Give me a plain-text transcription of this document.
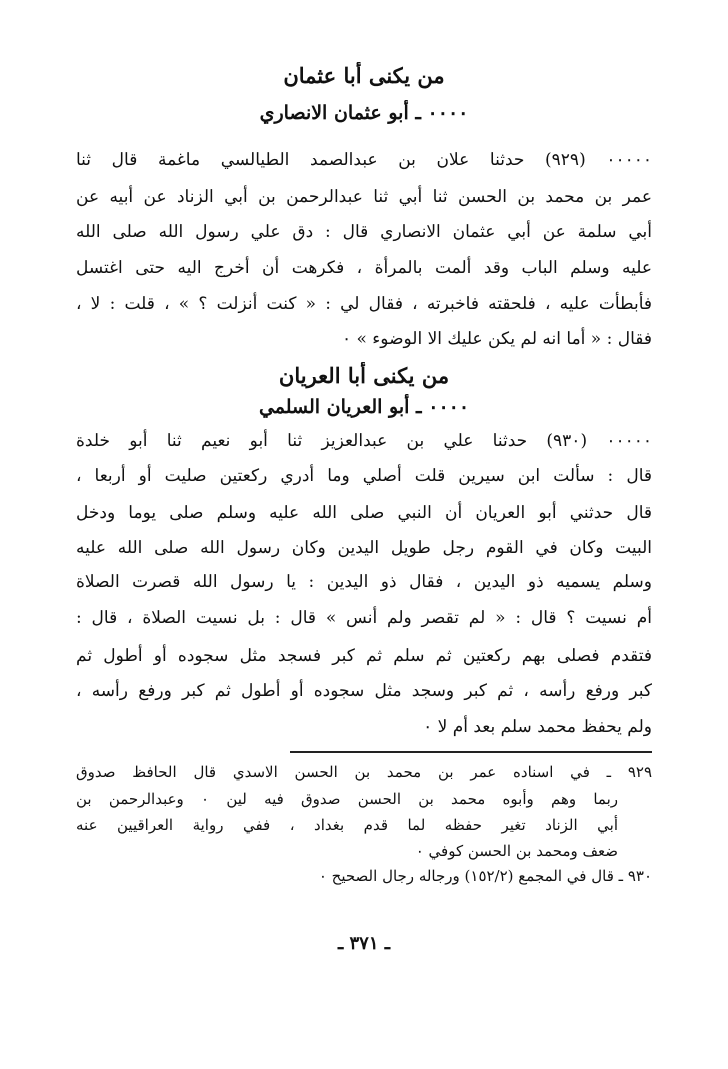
من يكنى أبا عثمان
٠٠٠٠ ـ أبو عثمان الانصاري
٠٠٠٠٠ (٩٢٩) حدثنا علان بن عبدالصمد الطيالسي ماغمة قال ثنا
عمر بن محمد بن الحسن ثنا أبي ثنا عبدالرحمن بن أبي الزناد عن أبيه عن
أبي سلمة عن أبي عثمان الانصاري قال : دق علي رسول الله صلى الله
عليه وسلم الباب وقد ألمت بالمرأة ، فكرهت أن أخرج اليه حتى اغتسل
فأبطأت عليه ، فلحقته فاخبرته ، فقال لي : « كنت أنزلت ؟ » ، قلت : لا ،
فقال : « أما انه لم يكن عليك الا الوضوء » ٠
من يكنى أبا العريان
٠٠٠٠ ـ أبو العريان السلمي
٠٠٠٠٠ (٩٣٠) حدثنا علي بن عبدالعزيز ثنا أبو نعيم ثنا أبو خلدة
قال : سألت ابن سيرين قلت أصلي وما أدري ركعتين صليت أو أربعا ،
قال حدثني أبو العريان أن النبي صلى الله عليه وسلم صلى يوما ودخل
البيت وكان في القوم رجل طويل اليدين وكان رسول الله صلى الله عليه
وسلم يسميه ذو اليدين ، فقال ذو اليدين : يا رسول الله قصرت الصلاة
أم نسيت ؟ قال : « لم تقصر ولم أنس » قال : بل نسيت الصلاة ، قال :
فتقدم فصلى بهم ركعتين ثم سلم ثم كبر فسجد مثل سجوده أو أطول ثم
كبر ورفع رأسه ، ثم كبر وسجد مثل سجوده أو أطول ثم كبر ورفع رأسه ،
ولم يحفظ محمد سلم بعد أم لا ٠
٩٢٩ ـ في اسناده عمر بن محمد بن الحسن الاسدي قال الحافظ صدوق
ربما وهم وأبوه محمد بن الحسن صدوق فيه لين ٠ وعبدالرحمن بن
أبي الزناد تغير حفظه لما قدم بغداد ، ففي رواية العراقيين عنه
ضعف ومحمد بن الحسن كوفي ٠
٩٣٠ ـ قال في المجمع (١٥٢/٢) ورجاله رجال الصحيح ٠
ـ ٣٧١ ـ
